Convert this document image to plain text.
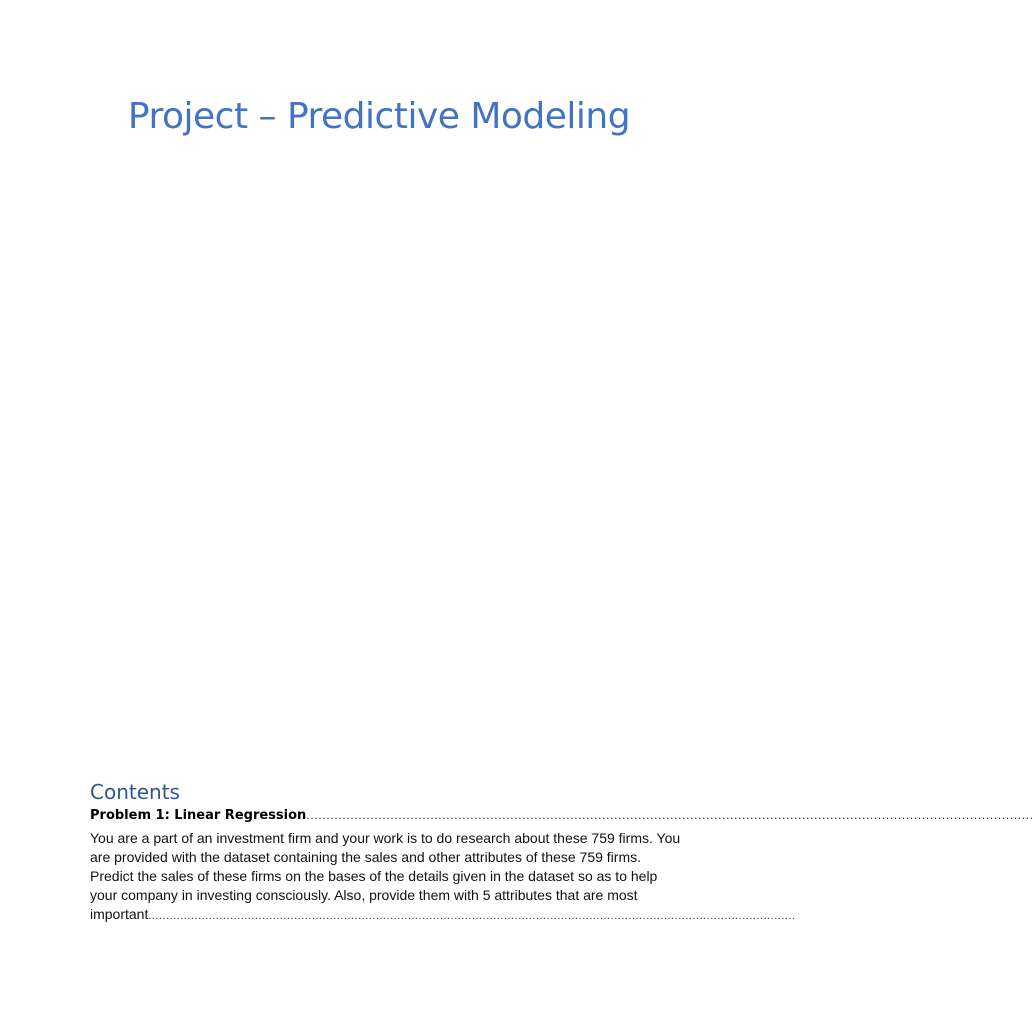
Project – Predictive Modeling
Contents
Problem 1: Linear Regression ......................................................................................................................................................................................
You are a part of an investment firm and your work is to do research about these 759 firms. You
are provided with the dataset containing the sales and other attributes of these 759 firms.
Predict the sales of these firms on the bases of the details given in the dataset so as to help
your company in investing consciously. Also, provide them with 5 attributes that are most
important ......................................................................................................................................................................................
